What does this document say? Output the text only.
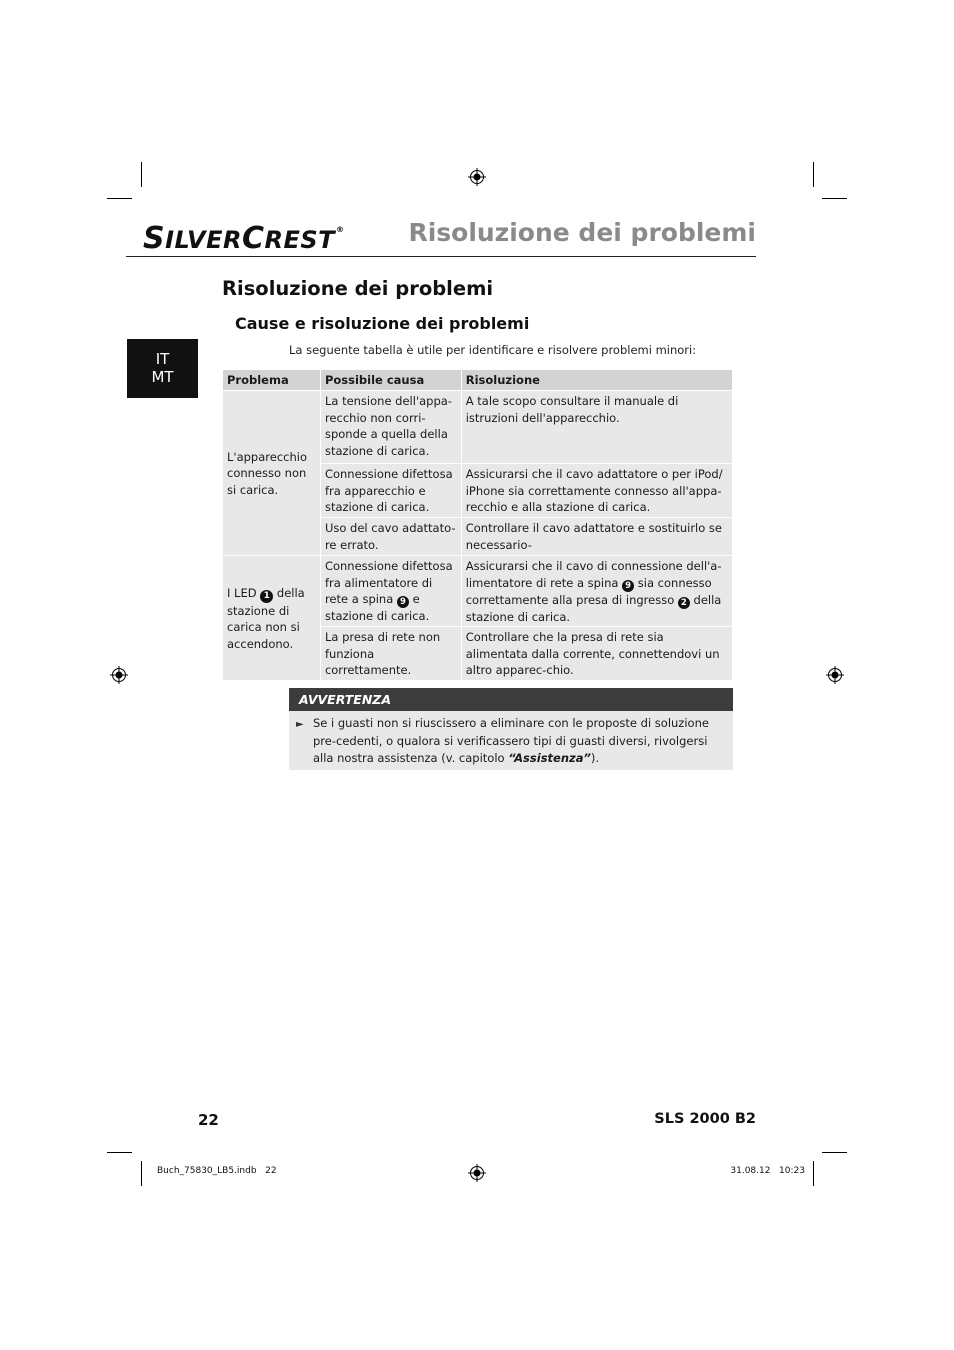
SILVERCREST®	Risoluzione dei problemi
IT
MT
Risoluzione dei problemi
Cause e risoluzione dei problemi
La seguente tabella è utile per identificare e risolvere problemi minori:
Problema	Possibile causa	Risoluzione
L'apparecchio connesso non si carica.	La tensione dell'appa-recchio non corri-sponde a quella della stazione di carica.	A tale scopo consultare il manuale di istruzioni dell'apparecchio.
	Connessione difettosa fra apparecchio e stazione di carica.	Assicurarsi che il cavo adattatore o per iPod/ iPhone sia correttamente connesso all'appa-recchio e alla stazione di carica.
	Uso del cavo adattato-re errato.	Controllare il cavo adattatore e sostituirlo se necessario-
I LED 1 della stazione di carica non si accendono.	Connessione difettosa fra alimentatore di rete a spina 9 e stazione di carica.	Assicurarsi che il cavo di connessione dell'a-limentatore di rete a spina 9 sia connesso correttamente alla presa di ingresso 2 della stazione di carica.
	La presa di rete non funziona correttamente.	Controllare che la presa di rete sia alimentata dalla corrente, connettendovi un altro apparec-chio.
AVVERTENZA
► Se i guasti non si riuscissero a eliminare con le proposte di soluzione pre-cedenti, o qualora si verificassero tipi di guasti diversi, rivolgersi alla nostra assistenza (v. capitolo “Assistenza”).
22	SLS 2000 B2
Buch_75830_LB5.indb   22	31.08.12   10:23
